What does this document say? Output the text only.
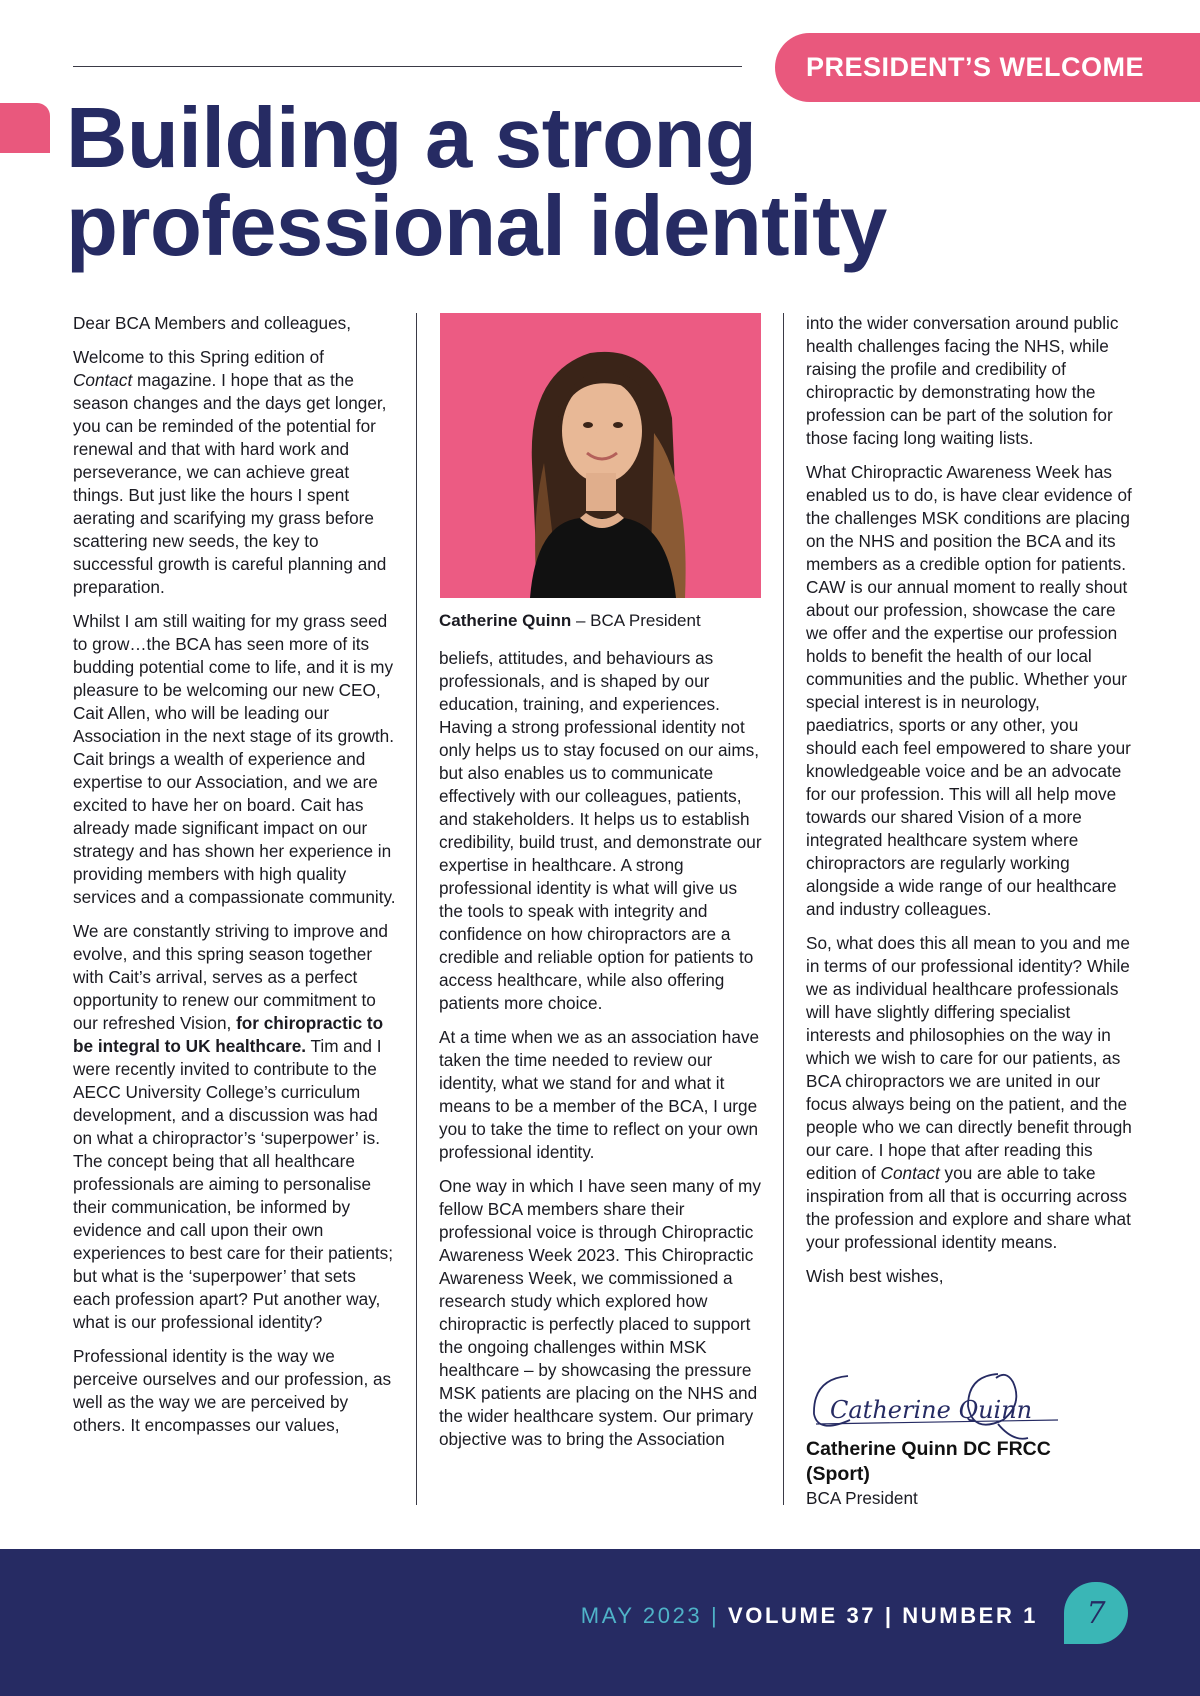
PRESIDENT’S WELCOME
Building a strong
professional identity

Dear BCA Members and colleagues,

Welcome to this Spring edition of
Contact magazine. I hope that as the season changes and the days get longer, you can be reminded of the potential for renewal and that with hard work and perseverance, we can achieve great things. But just like the hours I spent aerating and scarifying my grass before scattering new seeds, the key to successful growth is careful planning and preparation.

Whilst I am still waiting for my grass seed to grow…the BCA has seen more of its budding potential come to life, and it is my pleasure to be welcoming our new CEO, Cait Allen, who will be leading our Association in the next stage of its growth. Cait brings a wealth of experience and expertise to our Association, and we are excited to have her on board. Cait has already made significant impact on our strategy and has shown her experience in providing members with high quality services and a compassionate community.

We are constantly striving to improve and evolve, and this spring season together with Cait’s arrival, serves as a perfect opportunity to renew our commitment to our refreshed Vision, for chiropractic to be integral to UK healthcare. Tim and I were recently invited to contribute to the AECC University College’s curriculum development, and a discussion was had on what a chiropractor’s ‘superpower’ is. The concept being that all healthcare professionals are aiming to personalise their communication, be informed by evidence and call upon their own experiences to best care for their patients; but what is the ‘superpower’ that sets each profession apart? Put another way, what is our professional identity?

Professional identity is the way we perceive ourselves and our profession, as well as the way we are perceived by others. It encompasses our values,

Catherine Quinn – BCA President

beliefs, attitudes, and behaviours as professionals, and is shaped by our education, training, and experiences. Having a strong professional identity not only helps us to stay focused on our aims, but also enables us to communicate effectively with our colleagues, patients, and stakeholders. It helps us to establish credibility, build trust, and demonstrate our expertise in healthcare. A strong professional identity is what will give us the tools to speak with integrity and confidence on how chiropractors are a credible and reliable option for patients to access healthcare, while also offering patients more choice.

At a time when we as an association have taken the time needed to review our identity, what we stand for and what it means to be a member of the BCA, I urge you to take the time to reflect on your own professional identity.

One way in which I have seen many of my fellow BCA members share their professional voice is through Chiropractic Awareness Week 2023. This Chiropractic Awareness Week, we commissioned a research study which explored how chiropractic is perfectly placed to support the ongoing challenges within MSK healthcare – by showcasing the pressure MSK patients are placing on the NHS and the wider healthcare system. Our primary objective was to bring the Association

into the wider conversation around public health challenges facing the NHS, while raising the profile and credibility of chiropractic by demonstrating how the profession can be part of the solution for those facing long waiting lists.

What Chiropractic Awareness Week has enabled us to do, is have clear evidence of the challenges MSK conditions are placing on the NHS and position the BCA and its members as a credible option for patients. CAW is our annual moment to really shout about our profession, showcase the care we offer and the expertise our profession holds to benefit the health of our local communities and the public. Whether your special interest is in neurology, paediatrics, sports or any other, you should each feel empowered to share your knowledgeable voice and be an advocate for our profession. This will all help move towards our shared Vision of a more integrated healthcare system where chiropractors are regularly working alongside a wide range of our healthcare and industry colleagues.

So, what does this all mean to you and me in terms of our professional identity? While we as individual healthcare professionals will have slightly differing specialist interests and philosophies on the way in which we wish to care for our patients, as BCA chiropractors we are united in our focus always being on the patient, and the people who we can directly benefit through our care. I hope that after reading this edition of Contact you are able to take inspiration from all that is occurring across the profession and explore and share what your professional identity means.

Wish best wishes,

Catherine Quinn
Catherine Quinn DC FRCC (Sport)
BCA President
MAY 2023 | VOLUME 37 | NUMBER 1	7
